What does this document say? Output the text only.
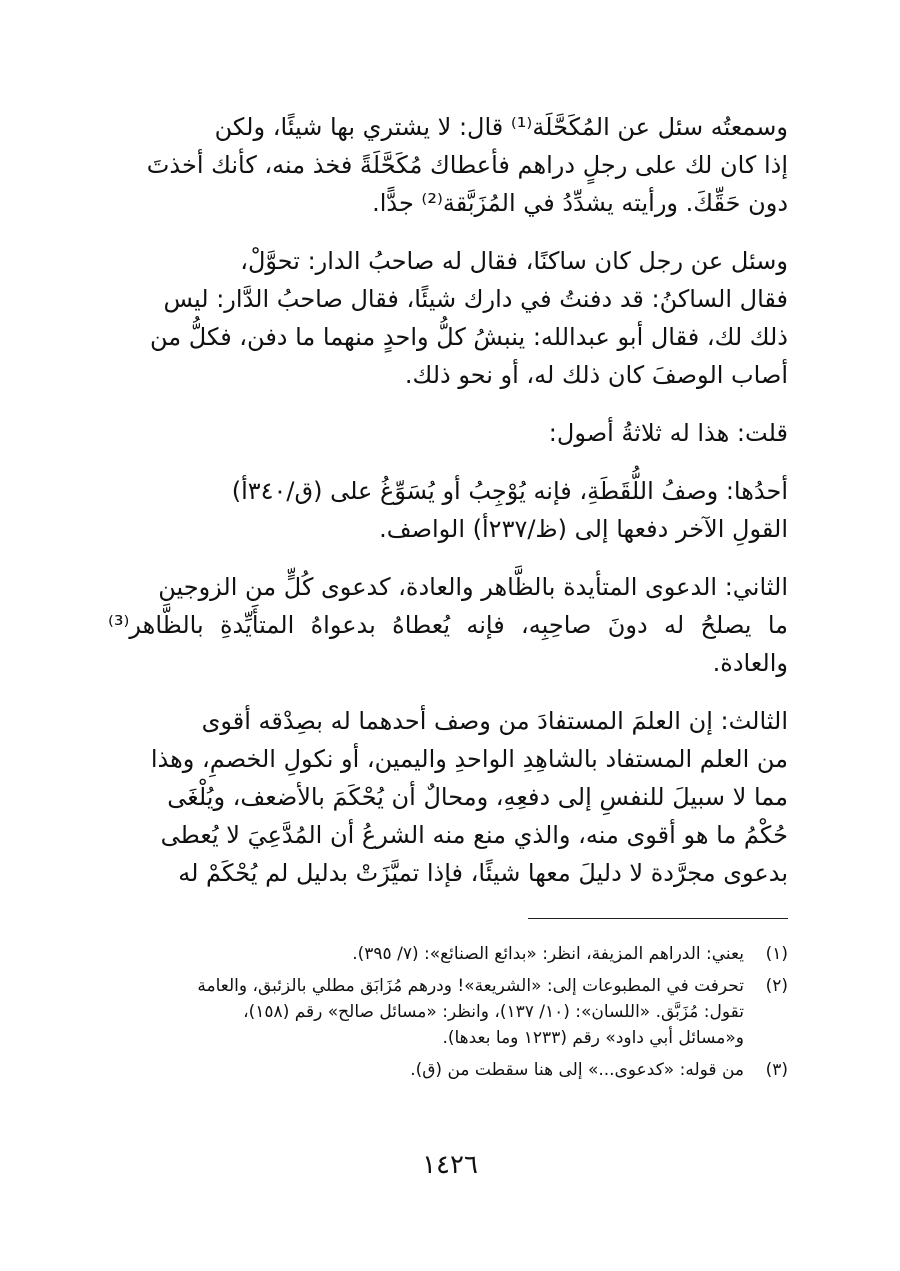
وسمعتُه سئل عن المُكَحَّلَة⁽¹⁾ قال: لا يشتري بها شيئًا، ولكن
إذا كان لك على رجلٍ دراهم فأعطاك مُكَحَّلَةً فخذ منه، كأنك أخذتَ
دون حَقِّكَ. ورأيته يشدِّدُ في المُزَبَّقة⁽²⁾ جدًّا.

وسئل عن رجل كان ساكنًا، فقال له صاحبُ الدار: تحوَّلْ،
فقال الساكنُ: قد دفنتُ في دارك شيئًا، فقال صاحبُ الدَّار: ليس
ذلك لك، فقال أبو عبدالله: ينبشُ كلُّ واحدٍ منهما ما دفن، فكلُّ من
أصاب الوصفَ كان ذلك له، أو نحو ذلك.

قلت: هذا له ثلاثةُ أصول:

أحدُها: وصفُ اللُّقَطَةِ، فإنه يُوْجِبُ أو يُسَوِّغُ على (ق/٣٤٠أ)
القولِ الآخر دفعها إلى (ظ/٢٣٧أ) الواصف.

الثاني: الدعوى المتأيدة بالظَّاهر والعادة، كدعوى كُلٍّ من الزوجين
ما يصلحُ له دونَ صاحِبِه، فإنه يُعطاهُ بدعواهُ المتأَيِّدةِ بالظَّاهر⁽³⁾ والعادة.

الثالث: إن العلمَ المستفادَ من وصف أحدهما له بصِدْقه أقوى
من العلم المستفاد بالشاهِدِ الواحدِ واليمين، أو نكولِ الخصمِ، وهذا
مما لا سبيلَ للنفسِ إلى دفعِهِ، ومحالٌ أن يُحْكَمَ بالأضعف، ويُلْغَى
حُكْمُ ما هو أقوى منه، والذي منع منه الشرعُ أن المُدَّعِيَ لا يُعطى
بدعوى مجرَّدة لا دليلَ معها شيئًا، فإذا تميَّزَتْ بدليل لم يُحْكَمْ له

(١)
يعني: الدراهم المزيفة، انظر: «بدائع الصنائع»: (٧/ ٣٩٥).
(٢)
تحرفت في المطبوعات إلى: «الشريعة»! ودرهم مُزَابَق مطلي بالزئبق، والعامة
تقول: مُزَبَّق. «اللسان»: (١٠/ ١٣٧)، وانظر: «مسائل صالح» رقم (١٥٨)،
و«مسائل أبي داود» رقم (١٢٣٣ وما بعدها).
(٣)
من قوله: «كدعوى...» إلى هنا سقطت من (ق).
١٤٢٦
